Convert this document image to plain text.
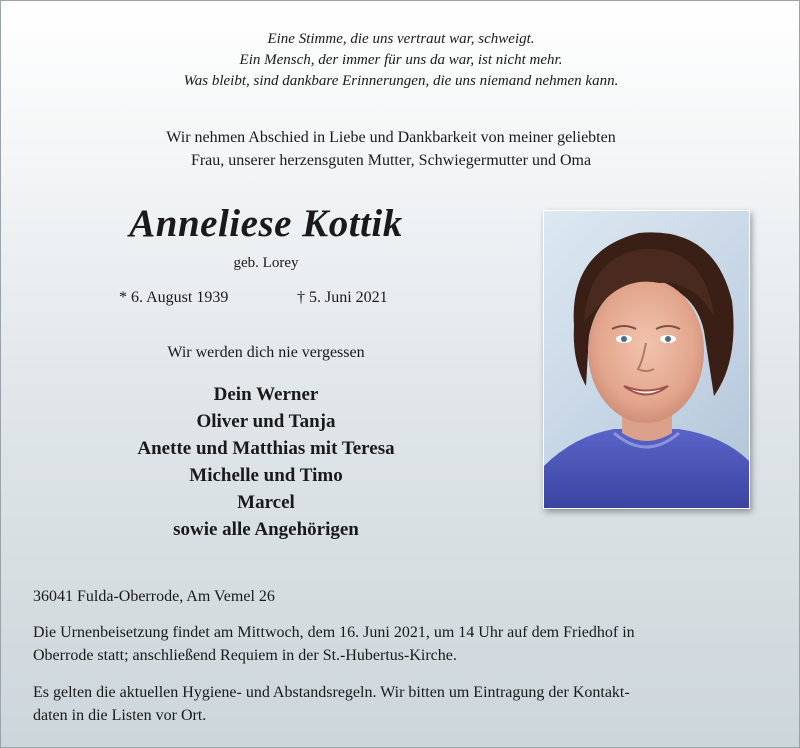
Eine Stimme, die uns vertraut war, schweigt.
Ein Mensch, der immer für uns da war, ist nicht mehr.
Was bleibt, sind dankbare Erinnerungen, die uns niemand nehmen kann.
Wir nehmen Abschied in Liebe und Dankbarkeit von meiner geliebten
Frau, unserer herzensguten Mutter, Schwiegermutter und Oma
Anneliese Kottik
geb. Lorey
* 6. August 1939	† 5. Juni 2021
Wir werden dich nie vergessen
Dein Werner
Oliver und Tanja
Anette und Matthias mit Teresa
Michelle und Timo
Marcel
sowie alle Angehörigen
36041 Fulda-Oberrode, Am Vemel 26
Die Urnenbeisetzung findet am Mittwoch, dem 16. Juni 2021, um 14 Uhr auf dem Friedhof in
Oberrode statt; anschließend Requiem in der St.-Hubertus-Kirche.
Es gelten die aktuellen Hygiene- und Abstandsregeln. Wir bitten um Eintragung der Kontakt-
daten in die Listen vor Ort.
